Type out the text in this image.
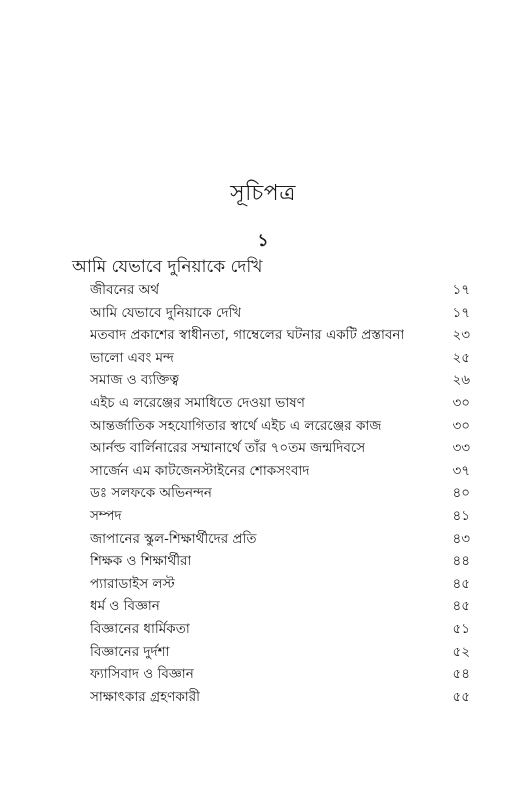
সূচিপত্র
১
আমি যেভাবে দুনিয়াকে দেখি
জীবনের অর্থ	১৭
আমি যেভাবে দুনিয়াকে দেখি	১৭
মতবাদ প্রকাশের স্বাধীনতা, গাম্বেলের ঘটনার একটি প্রস্তাবনা	২৩
ভালো এবং মন্দ	২৫
সমাজ ও ব্যক্তিত্ব	২৬
এইচ এ লরেঞ্জের সমাধিতে দেওয়া ভাষণ	৩০
আন্তর্জাতিক সহযোগিতার স্বার্থে এইচ এ লরেঞ্জের কাজ	৩০
আর্নল্ড বার্লিনারের সম্মানার্থে তাঁর ৭০তম জন্মদিবসে	৩৩
সার্জেন এম কাটজেনস্টাইনের শোকসংবাদ	৩৭
ডঃ সলফকে অভিনন্দন	৪০
সম্পদ	৪১
জাপানের স্কুল-শিক্ষার্থীদের প্রতি	৪৩
শিক্ষক ও শিক্ষার্থীরা	৪৪
প্যারাডাইস লস্ট	৪৫
ধর্ম ও বিজ্ঞান	৪৫
বিজ্ঞানের ধার্মিকতা	৫১
বিজ্ঞানের দুর্দশা	৫২
ফ্যাসিবাদ ও বিজ্ঞান	৫৪
সাক্ষাৎকার গ্রহণকারী	৫৫
